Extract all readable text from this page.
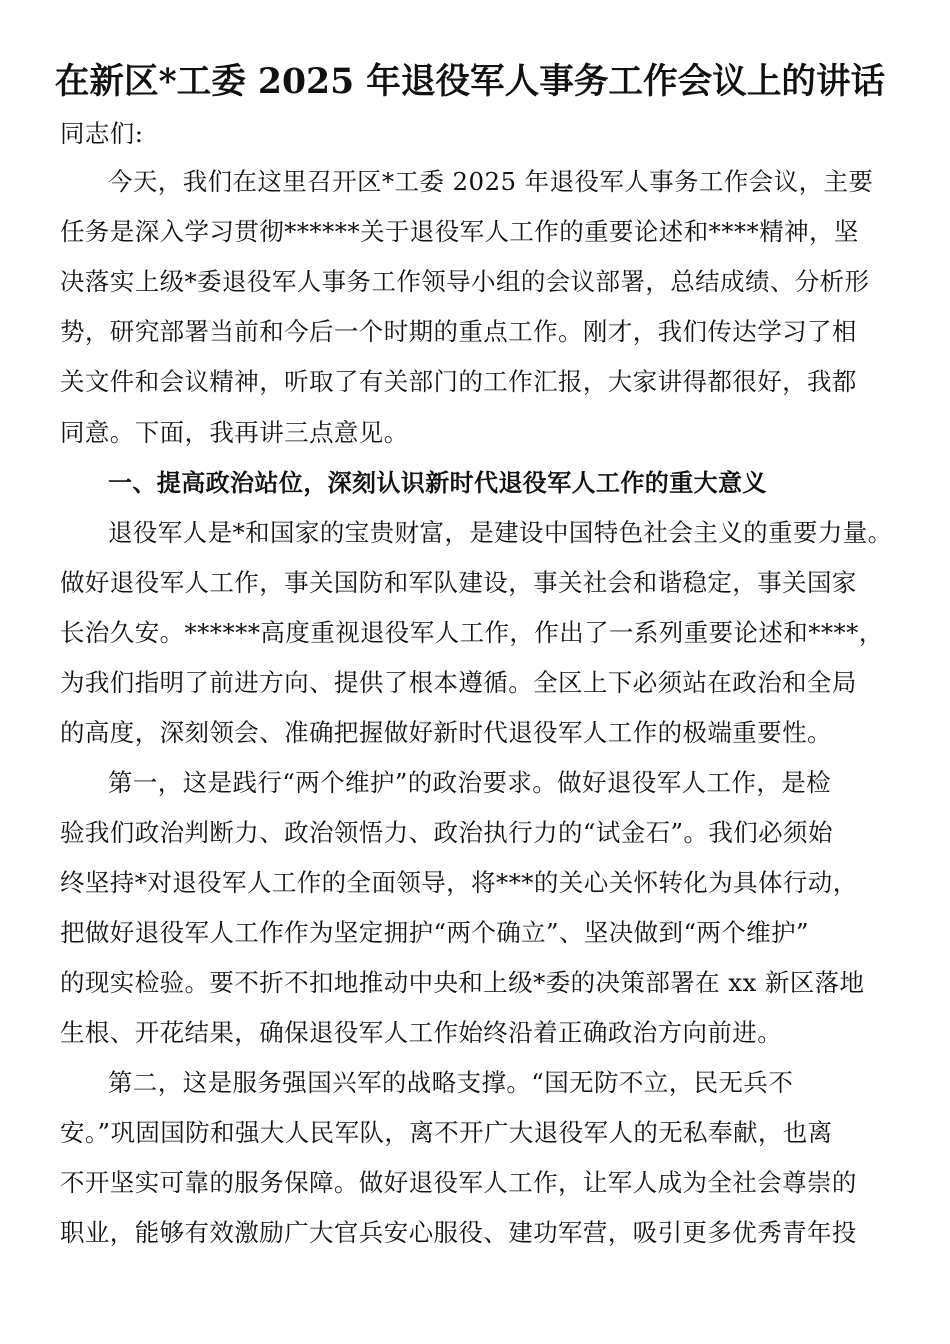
在新区*工委 2025 年退役军人事务工作会议上的讲话

同志们:

今天，我们在这里召开区*工委 2025 年退役军人事务工作会议，主要

任务是深入学习贯彻******关于退役军人工作的重要论述和****精神，坚

决落实上级*委退役军人事务工作领导小组的会议部署，总结成绩、分析形

势，研究部署当前和今后一个时期的重点工作。刚才，我们传达学习了相

关文件和会议精神，听取了有关部门的工作汇报，大家讲得都很好，我都

同意。下面，我再讲三点意见。

一、提高政治站位，深刻认识新时代退役军人工作的重大意义

退役军人是*和国家的宝贵财富，是建设中国特色社会主义的重要力量。

做好退役军人工作，事关国防和军队建设，事关社会和谐稳定，事关国家

长治久安。******高度重视退役军人工作，作出了一系列重要论述和****，

为我们指明了前进方向、提供了根本遵循。全区上下必须站在政治和全局

的高度，深刻领会、准确把握做好新时代退役军人工作的极端重要性。

第一，这是践行“两个维护”的政治要求。做好退役军人工作，是检

验我们政治判断力、政治领悟力、政治执行力的“试金石”。我们必须始

终坚持*对退役军人工作的全面领导，将***的关心关怀转化为具体行动，

把做好退役军人工作作为坚定拥护“两个确立”、坚决做到“两个维护”

的现实检验。要不折不扣地推动中央和上级*委的决策部署在 xx 新区落地

生根、开花结果，确保退役军人工作始终沿着正确政治方向前进。

第二，这是服务强国兴军的战略支撑。“国无防不立，民无兵不

安。”巩固国防和强大人民军队，离不开广大退役军人的无私奉献，也离

不开坚实可靠的服务保障。做好退役军人工作，让军人成为全社会尊崇的

职业，能够有效激励广大官兵安心服役、建功军营，吸引更多优秀青年投
